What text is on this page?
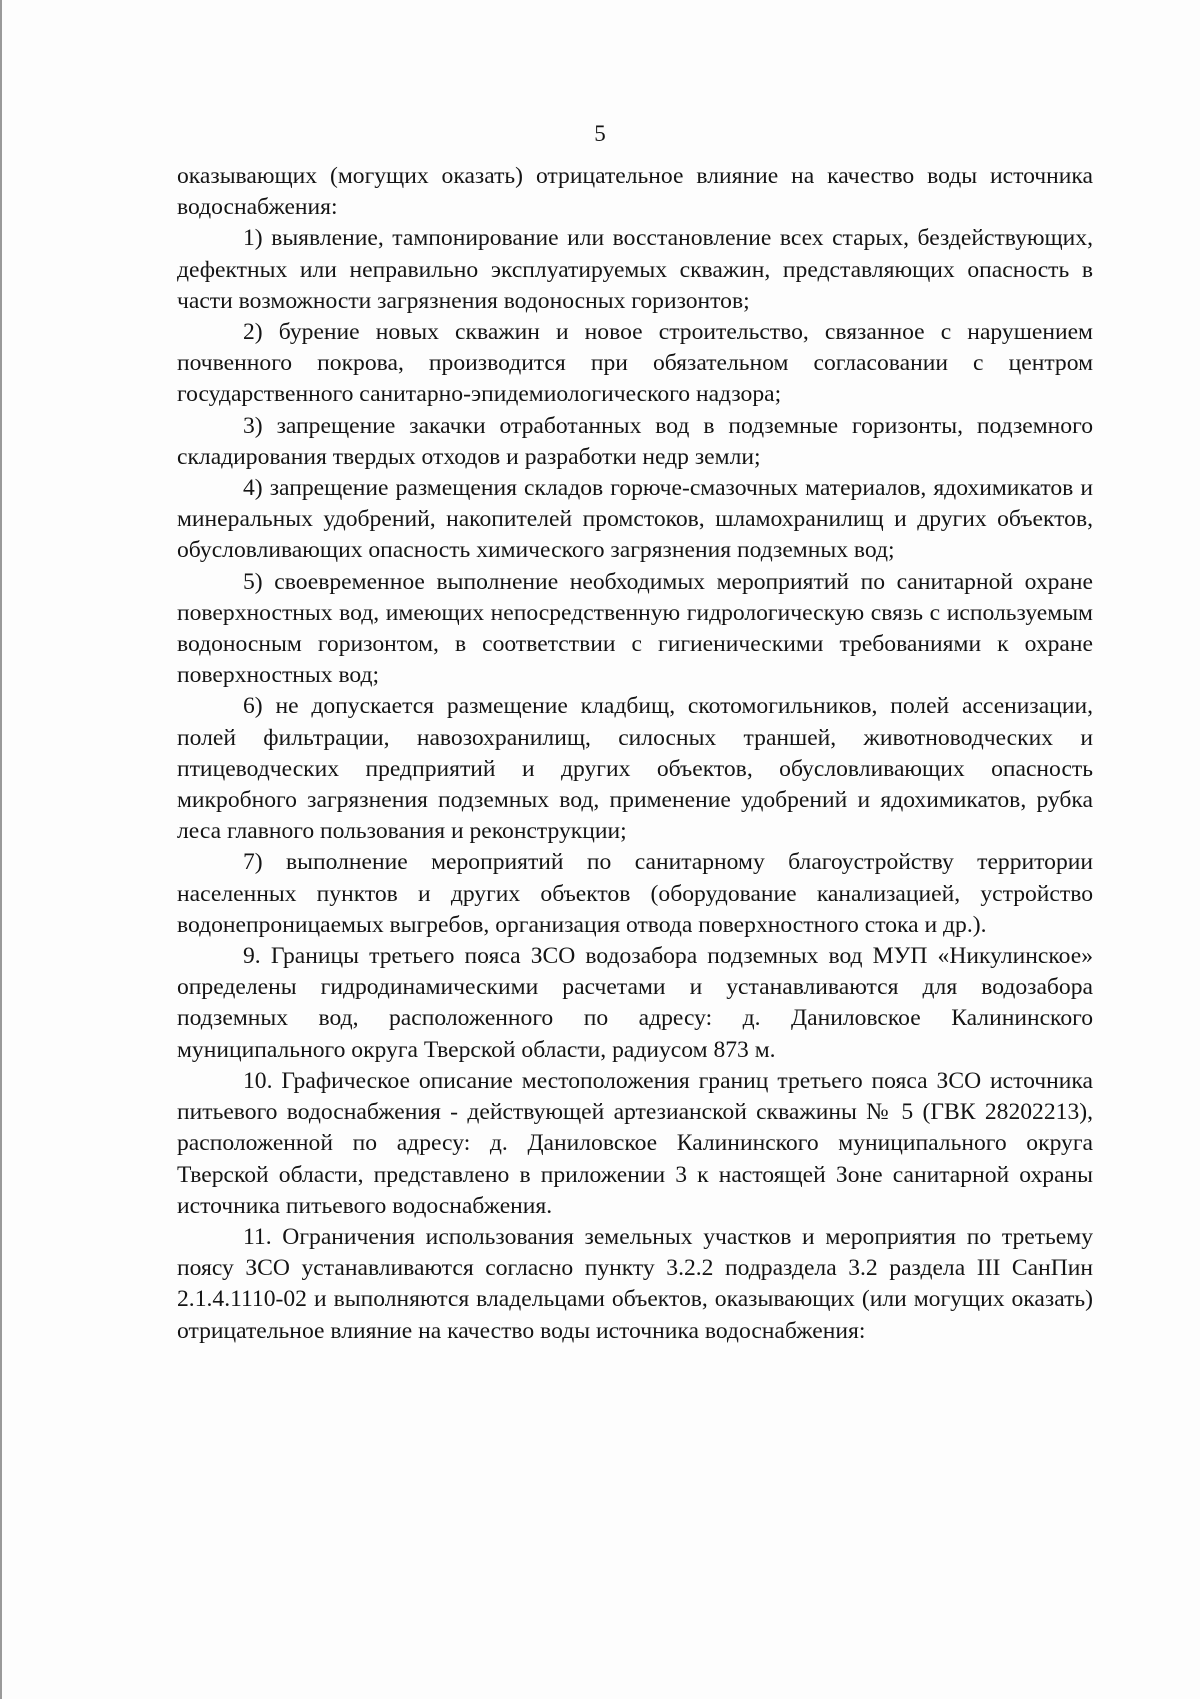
5

оказывающих (могущих оказать) отрицательное влияние на качество воды источника водоснабжения:

1) выявление, тампонирование или восстановление всех старых, бездействующих, дефектных или неправильно эксплуатируемых скважин, представляющих опасность в части возможности загрязнения водоносных горизонтов;

2) бурение новых скважин и новое строительство, связанное с нарушением почвенного покрова, производится при обязательном согласовании с центром государственного санитарно-эпидемиологического надзора;

3) запрещение закачки отработанных вод в подземные горизонты, подземного складирования твердых отходов и разработки недр земли;

4) запрещение размещения складов горюче-смазочных материалов, ядохимикатов и минеральных удобрений, накопителей промстоков, шламохранилищ и других объектов, обусловливающих опасность химического загрязнения подземных вод;

5) своевременное выполнение необходимых мероприятий по санитарной охране поверхностных вод, имеющих непосредственную гидрологическую связь с используемым водоносным горизонтом, в соответствии с гигиеническими требованиями к охране поверхностных вод;

6) не допускается размещение кладбищ, скотомогильников, полей ассенизации, полей фильтрации, навозохранилищ, силосных траншей, животноводческих и птицеводческих предприятий и других объектов, обусловливающих опасность микробного загрязнения подземных вод, применение удобрений и ядохимикатов, рубка леса главного пользования и реконструкции;

7) выполнение мероприятий по санитарному благоустройству территории населенных пунктов и других объектов (оборудование канализацией, устройство водонепроницаемых выгребов, организация отвода поверхностного стока и др.).

9. Границы третьего пояса ЗСО водозабора подземных вод МУП «Никулинское» определены гидродинамическими расчетами и устанавливаются для водозабора подземных вод, расположенного по адресу: д. Даниловское Калининского муниципального округа Тверской области, радиусом 873 м.

10. Графическое описание местоположения границ третьего пояса ЗСО источника питьевого водоснабжения - действующей артезианской скважины № 5 (ГВК 28202213), расположенной по адресу: д. Даниловское Калининского муниципального округа Тверской области, представлено в приложении 3 к настоящей Зоне санитарной охраны источника питьевого водоснабжения.

11. Ограничения использования земельных участков и мероприятия по третьему поясу ЗСО устанавливаются согласно пункту 3.2.2 подраздела 3.2 раздела III СанПин 2.1.4.1110-02 и выполняются владельцами объектов, оказывающих (или могущих оказать) отрицательное влияние на качество воды источника водоснабжения:
